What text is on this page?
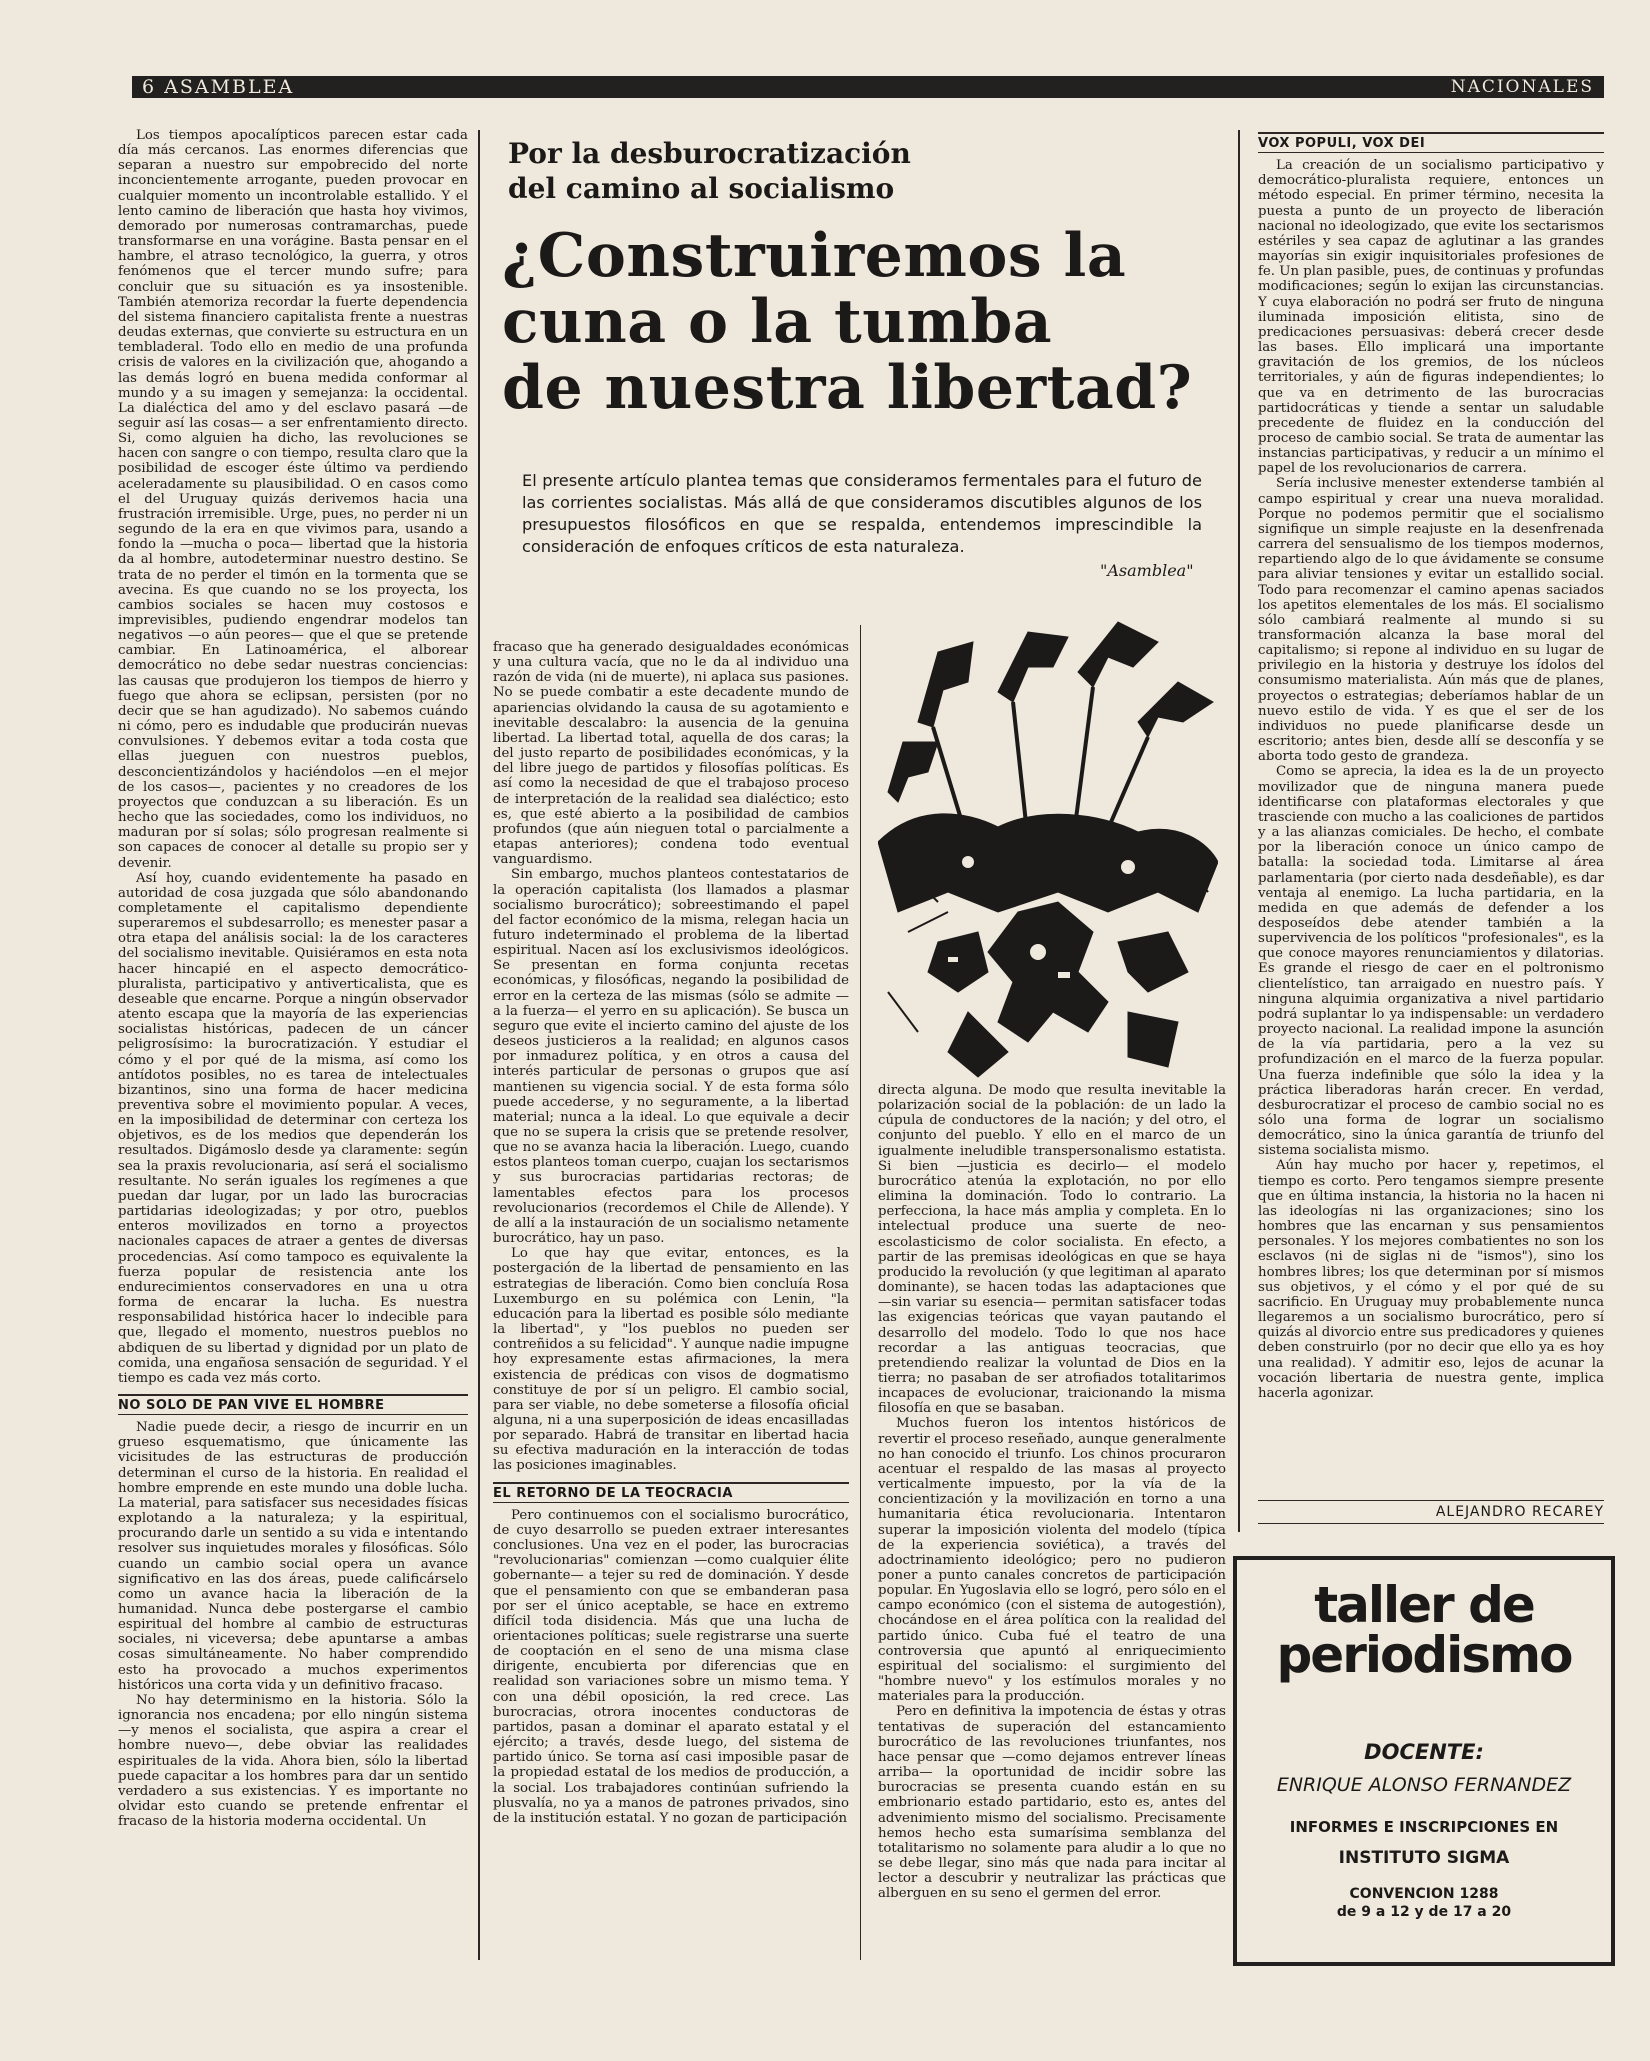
6 ASAMBLEA	NACIONALES

Los tiempos apocalípticos parecen estar cada día más cercanos. Las enormes diferencias que separan a nuestro sur empobrecido del norte inconcientemente arrogante, pueden provocar en cualquier momento un incontrolable estallido. Y el lento camino de liberación que hasta hoy vivimos, demorado por numerosas contramarchas, puede transformarse en una vorágine. Basta pensar en el hambre, el atraso tecnológico, la guerra, y otros fenómenos que el tercer mundo sufre; para concluir que su situación es ya insostenible. También atemoriza recordar la fuerte dependencia del sistema financiero capitalista frente a nuestras deudas externas, que convierte su estructura en un tembladeral. Todo ello en medio de una profunda crisis de valores en la civilización que, ahogando a las demás logró en buena medida conformar al mundo y a su imagen y semejanza: la occidental. La dialéctica del amo y del esclavo pasará —de seguir así las cosas— a ser enfrentamiento directo. Si, como alguien ha dicho, las revoluciones se hacen con sangre o con tiempo, resulta claro que la posibilidad de escoger éste último va perdiendo aceleradamente su plausibilidad. O en casos como el del Uruguay quizás derivemos hacia una frustración irremisible. Urge, pues, no perder ni un segundo de la era en que vivimos para, usando a fondo la —mucha o poca— libertad que la historia da al hombre, autodeterminar nuestro destino. Se trata de no perder el timón en la tormenta que se avecina. Es que cuando no se los proyecta, los cambios sociales se hacen muy costosos e imprevisibles, pudiendo engendrar modelos tan negativos —o aún peores— que el que se pretende cambiar. En Latinoamérica, el alborear democrático no debe sedar nuestras conciencias: las causas que produjeron los tiempos de hierro y fuego que ahora se eclipsan, persisten (por no decir que se han agudizado). No sabemos cuándo ni cómo, pero es indudable que producirán nuevas convulsiones. Y debemos evitar a toda costa que ellas jueguen con nuestros pueblos, desconcientizándolos y haciéndolos —en el mejor de los casos—, pacientes y no creadores de los proyectos que conduzcan a su liberación. Es un hecho que las sociedades, como los individuos, no maduran por sí solas; sólo progresan realmente si son capaces de conocer al detalle su propio ser y devenir.

Así hoy, cuando evidentemente ha pasado en autoridad de cosa juzgada que sólo abandonando completamente el capitalismo dependiente superaremos el subdesarrollo; es menester pasar a otra etapa del análisis social: la de los caracteres del socialismo inevitable. Quisiéramos en esta nota hacer hincapié en el aspecto democrático-pluralista, participativo y antiverticalista, que es deseable que encarne. Porque a ningún observador atento escapa que la mayoría de las experiencias socialistas históricas, padecen de un cáncer peligrosísimo: la burocratización. Y estudiar el cómo y el por qué de la misma, así como los antídotos posibles, no es tarea de intelectuales bizantinos, sino una forma de hacer medicina preventiva sobre el movimiento popular. A veces, en la imposibilidad de determinar con certeza los objetivos, es de los medios que dependerán los resultados. Digámoslo desde ya claramente: según sea la praxis revolucionaria, así será el socialismo resultante. No serán iguales los regímenes a que puedan dar lugar, por un lado las burocracias partidarias ideologizadas; y por otro, pueblos enteros movilizados en torno a proyectos nacionales capaces de atraer a gentes de diversas procedencias. Así como tampoco es equivalente la fuerza popular de resistencia ante los endurecimientos conservadores en una u otra forma de encarar la lucha. Es nuestra responsabilidad histórica hacer lo indecible para que, llegado el momento, nuestros pueblos no abdiquen de su libertad y dignidad por un plato de comida, una engañosa sensación de seguridad. Y el tiempo es cada vez más corto.

NO SOLO DE PAN VIVE EL HOMBRE

Nadie puede decir, a riesgo de incurrir en un grueso esquematismo, que únicamente las vicisitudes de las estructuras de producción determinan el curso de la historia. En realidad el hombre emprende en este mundo una doble lucha. La material, para satisfacer sus necesidades físicas explotando a la naturaleza; y la espiritual, procurando darle un sentido a su vida e intentando resolver sus inquietudes morales y filosóficas. Sólo cuando un cambio social opera un avance significativo en las dos áreas, puede calificárselo como un avance hacia la liberación de la humanidad. Nunca debe postergarse el cambio espiritual del hombre al cambio de estructuras sociales, ni viceversa; debe apuntarse a ambas cosas simultáneamente. No haber comprendido esto ha provocado a muchos experimentos históricos una corta vida y un definitivo fracaso.

No hay determinismo en la historia. Sólo la ignorancia nos encadena; por ello ningún sistema —y menos el socialista, que aspira a crear el hombre nuevo—, debe obviar las realidades espirituales de la vida. Ahora bien, sólo la libertad puede capacitar a los hombres para dar un sentido verdadero a sus existencias. Y es importante no olvidar esto cuando se pretende enfrentar el fracaso de la historia moderna occidental. Un

Por la desburocratización
del camino al socialismo
¿Construiremos la
cuna o la tumba
de nuestra libertad?
El presente artículo plantea temas que consideramos fermentales para el futuro de las corrientes socialistas. Más allá de que consideramos discutibles algunos de los presupuestos filosóficos en que se respalda, entendemos imprescindible la consideración de enfoques críticos de esta naturaleza.
"Asamblea"

fracaso que ha generado desigualdades económicas y una cultura vacía, que no le da al individuo una razón de vida (ni de muerte), ni aplaca sus pasiones. No se puede combatir a este decadente mundo de apariencias olvidando la causa de su agotamiento e inevitable descalabro: la ausencia de la genuina libertad. La libertad total, aquella de dos caras; la del justo reparto de posibilidades económicas, y la del libre juego de partidos y filosofías políticas. Es así como la necesidad de que el trabajoso proceso de interpretación de la realidad sea dialéctico; esto es, que esté abierto a la posibilidad de cambios profundos (que aún nieguen total o parcialmente a etapas anteriores); condena todo eventual vanguardismo.

Sin embargo, muchos planteos contestatarios de la operación capitalista (los llamados a plasmar socialismo burocrático); sobreestimando el papel del factor económico de la misma, relegan hacia un futuro indeterminado el problema de la libertad espiritual. Nacen así los exclusivismos ideológicos. Se presentan en forma conjunta recetas económicas, y filosóficas, negando la posibilidad de error en la certeza de las mismas (sólo se admite —a la fuerza— el yerro en su aplicación). Se busca un seguro que evite el incierto camino del ajuste de los deseos justicieros a la realidad; en algunos casos por inmadurez política, y en otros a causa del interés particular de personas o grupos que así mantienen su vigencia social. Y de esta forma sólo puede accederse, y no seguramente, a la libertad material; nunca a la ideal. Lo que equivale a decir que no se supera la crisis que se pretende resolver, que no se avanza hacia la liberación. Luego, cuando estos planteos toman cuerpo, cuajan los sectarismos y sus burocracias partidarias rectoras; de lamentables efectos para los procesos revolucionarios (recordemos el Chile de Allende). Y de allí a la instauración de un socialismo netamente burocrático, hay un paso.

Lo que hay que evitar, entonces, es la postergación de la libertad de pensamiento en las estrategias de liberación. Como bien concluía Rosa Luxemburgo en su polémica con Lenin, "la educación para la libertad es posible sólo mediante la libertad", y "los pueblos no pueden ser contreñidos a su felicidad". Y aunque nadie impugne hoy expresamente estas afirmaciones, la mera existencia de prédicas con visos de dogmatismo constituye de por sí un peligro. El cambio social, para ser viable, no debe someterse a filosofía oficial alguna, ni a una superposición de ideas encasilladas por separado. Habrá de transitar en libertad hacia su efectiva maduración en la interacción de todas las posiciones imaginables.

EL RETORNO DE LA TEOCRACIA

Pero continuemos con el socialismo burocrático, de cuyo desarrollo se pueden extraer interesantes conclusiones. Una vez en el poder, las burocracias "revolucionarias" comienzan —como cualquier élite gobernante— a tejer su red de dominación. Y desde que el pensamiento con que se embanderan pasa por ser el único aceptable, se hace en extremo difícil toda disidencia. Más que una lucha de orientaciones políticas; suele registrarse una suerte de cooptación en el seno de una misma clase dirigente, encubierta por diferencias que en realidad son variaciones sobre un mismo tema. Y con una débil oposición, la red crece. Las burocracias, otrora inocentes conductoras de partidos, pasan a dominar el aparato estatal y el ejército; a través, desde luego, del sistema de partido único. Se torna así casi imposible pasar de la propiedad estatal de los medios de producción, a la social. Los trabajadores continúan sufriendo la plusvalía, no ya a manos de patrones privados, sino de la institución estatal. Y no gozan de participación

directa alguna. De modo que resulta inevitable la polarización social de la población: de un lado la cúpula de conductores de la nación; y del otro, el conjunto del pueblo. Y ello en el marco de un igualmente ineludible transpersonalismo estatista. Si bien —justicia es decirlo— el modelo burocrático atenúa la explotación, no por ello elimina la dominación. Todo lo contrario. La perfecciona, la hace más amplia y completa. En lo intelectual produce una suerte de neo-escolasticismo de color socialista. En efecto, a partir de las premisas ideológicas en que se haya producido la revolución (y que legitiman al aparato dominante), se hacen todas las adaptaciones que —sin variar su esencia— permitan satisfacer todas las exigencias teóricas que vayan pautando el desarrollo del modelo. Todo lo que nos hace recordar a las antiguas teocracias, que pretendiendo realizar la voluntad de Dios en la tierra; no pasaban de ser atrofiados totalitarimos incapaces de evolucionar, traicionando la misma filosofía en que se basaban.

Muchos fueron los intentos históricos de revertir el proceso reseñado, aunque generalmente no han conocido el triunfo. Los chinos procuraron acentuar el respaldo de las masas al proyecto verticalmente impuesto, por la vía de la concientización y la movilización en torno a una humanitaria ética revolucionaria. Intentaron superar la imposición violenta del modelo (típica de la experiencia soviética), a través del adoctrinamiento ideológico; pero no pudieron poner a punto canales concretos de participación popular. En Yugoslavia ello se logró, pero sólo en el campo económico (con el sistema de autogestión), chocándose en el área política con la realidad del partido único. Cuba fué el teatro de una controversia que apuntó al enriquecimiento espiritual del socialismo: el surgimiento del "hombre nuevo" y los estímulos morales y no materiales para la producción.

Pero en definitiva la impotencia de éstas y otras tentativas de superación del estancamiento burocrático de las revoluciones triunfantes, nos hace pensar que —como dejamos entrever líneas arriba— la oportunidad de incidir sobre las burocracias se presenta cuando están en su embrionario estado partidario, esto es, antes del advenimiento mismo del socialismo. Precisamente hemos hecho esta sumarísima semblanza del totalitarismo no solamente para aludir a lo que no se debe llegar, sino más que nada para incitar al lector a descubrir y neutralizar las prácticas que alberguen en su seno el germen del error.

VOX POPULI, VOX DEI

La creación de un socialismo participativo y democrático-pluralista requiere, entonces un método especial. En primer término, necesita la puesta a punto de un proyecto de liberación nacional no ideologizado, que evite los sectarismos estériles y sea capaz de aglutinar a las grandes mayorías sin exigir inquisitoriales profesiones de fe. Un plan pasible, pues, de continuas y profundas modificaciones; según lo exijan las circunstancias. Y cuya elaboración no podrá ser fruto de ninguna iluminada imposición elitista, sino de predicaciones persuasivas: deberá crecer desde las bases. Ello implicará una importante gravitación de los gremios, de los núcleos territoriales, y aún de figuras independientes; lo que va en detrimento de las burocracias partidocráticas y tiende a sentar un saludable precedente de fluidez en la conducción del proceso de cambio social. Se trata de aumentar las instancias participativas, y reducir a un mínimo el papel de los revolucionarios de carrera.

Sería inclusive menester extenderse también al campo espiritual y crear una nueva moralidad. Porque no podemos permitir que el socialismo signifique un simple reajuste en la desenfrenada carrera del sensualismo de los tiempos modernos, repartiendo algo de lo que ávidamente se consume para aliviar tensiones y evitar un estallido social. Todo para recomenzar el camino apenas saciados los apetitos elementales de los más. El socialismo sólo cambiará realmente al mundo si su transformación alcanza la base moral del capitalismo; si repone al individuo en su lugar de privilegio en la historia y destruye los ídolos del consumismo materialista. Aún más que de planes, proyectos o estrategias; deberíamos hablar de un nuevo estilo de vida. Y es que el ser de los individuos no puede planificarse desde un escritorio; antes bien, desde allí se desconfía y se aborta todo gesto de grandeza.

Como se aprecia, la idea es la de un proyecto movilizador que de ninguna manera puede identificarse con plataformas electorales y que trasciende con mucho a las coaliciones de partidos y a las alianzas comiciales. De hecho, el combate por la liberación conoce un único campo de batalla: la sociedad toda. Limitarse al área parlamentaria (por cierto nada desdeñable), es dar ventaja al enemigo. La lucha partidaria, en la medida en que además de defender a los desposeídos debe atender también a la supervivencia de los políticos "profesionales", es la que conoce mayores renunciamientos y dilatorias. Es grande el riesgo de caer en el poltronismo clientelístico, tan arraigado en nuestro país. Y ninguna alquimia organizativa a nivel partidario podrá suplantar lo ya indispensable: un verdadero proyecto nacional. La realidad impone la asunción de la vía partidaria, pero a la vez su profundización en el marco de la fuerza popular. Una fuerza indefinible que sólo la idea y la práctica liberadoras harán crecer. En verdad, desburocratizar el proceso de cambio social no es sólo una forma de lograr un socialismo democrático, sino la única garantía de triunfo del sistema socialista mismo.

Aún hay mucho por hacer y, repetimos, el tiempo es corto. Pero tengamos siempre presente que en última instancia, la historia no la hacen ni las ideologías ni las organizaciones; sino los hombres que las encarnan y sus pensamientos personales. Y los mejores combatientes no son los esclavos (ni de siglas ni de "ismos"), sino los hombres libres; los que determinan por sí mismos sus objetivos, y el cómo y el por qué de su sacrificio. En Uruguay muy probablemente nunca llegaremos a un socialismo burocrático, pero sí quizás al divorcio entre sus predicadores y quienes deben construirlo (por no decir que ello ya es hoy una realidad). Y admitir eso, lejos de acunar la vocación libertaria de nuestra gente, implica hacerla agonizar.

ALEJANDRO RECAREY
taller de
periodismo
DOCENTE:
ENRIQUE ALONSO FERNANDEZ
INFORMES E INSCRIPCIONES EN
INSTITUTO SIGMA
CONVENCION 1288
de 9 a 12 y de 17 a 20
